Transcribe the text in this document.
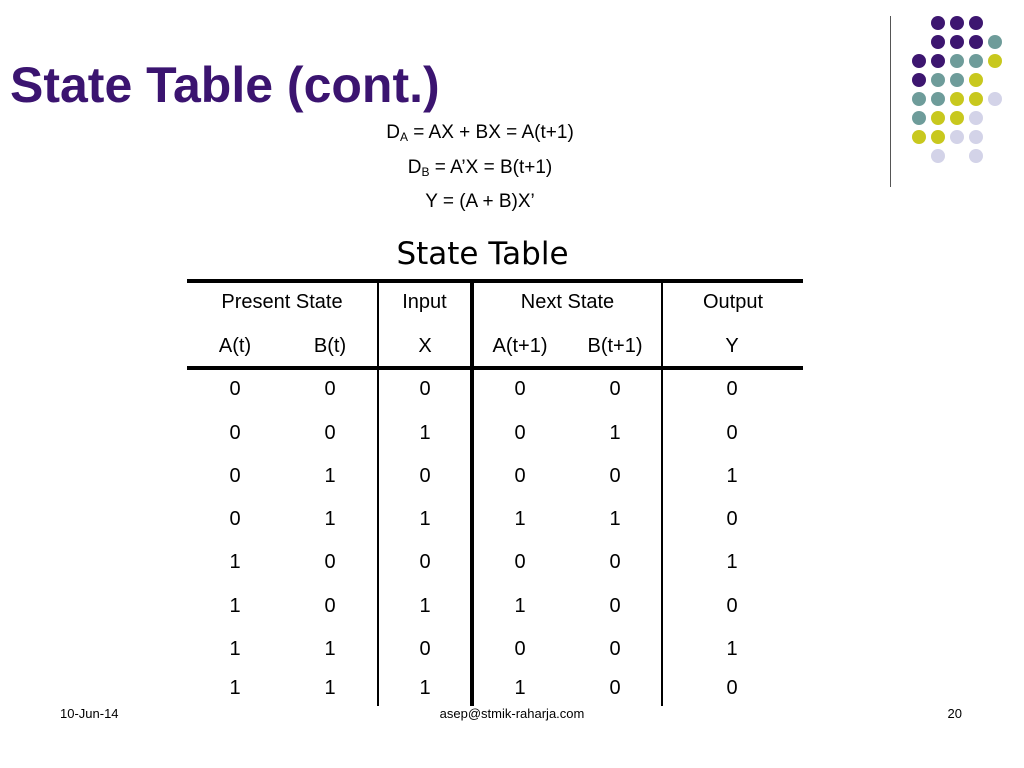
State Table (cont.)
$D_A$ = AX + BX = A(t+1)
$D_B$ = A’X = B(t+1)
Y = (A + B)X’
State Table
Present State	Input	Next State	Output
A(t)	B(t)	X	A(t+1)	B(t+1)	Y
0	0	0	0	0	0
0	0	1	0	1	0
0	1	0	0	0	1
0	1	1	1	1	0
1	0	0	0	0	1
1	0	1	1	0	0
1	1	0	0	0	1
1	1	1	1	0	0
10-Jun-14	asep@stmik-raharja.com	20
